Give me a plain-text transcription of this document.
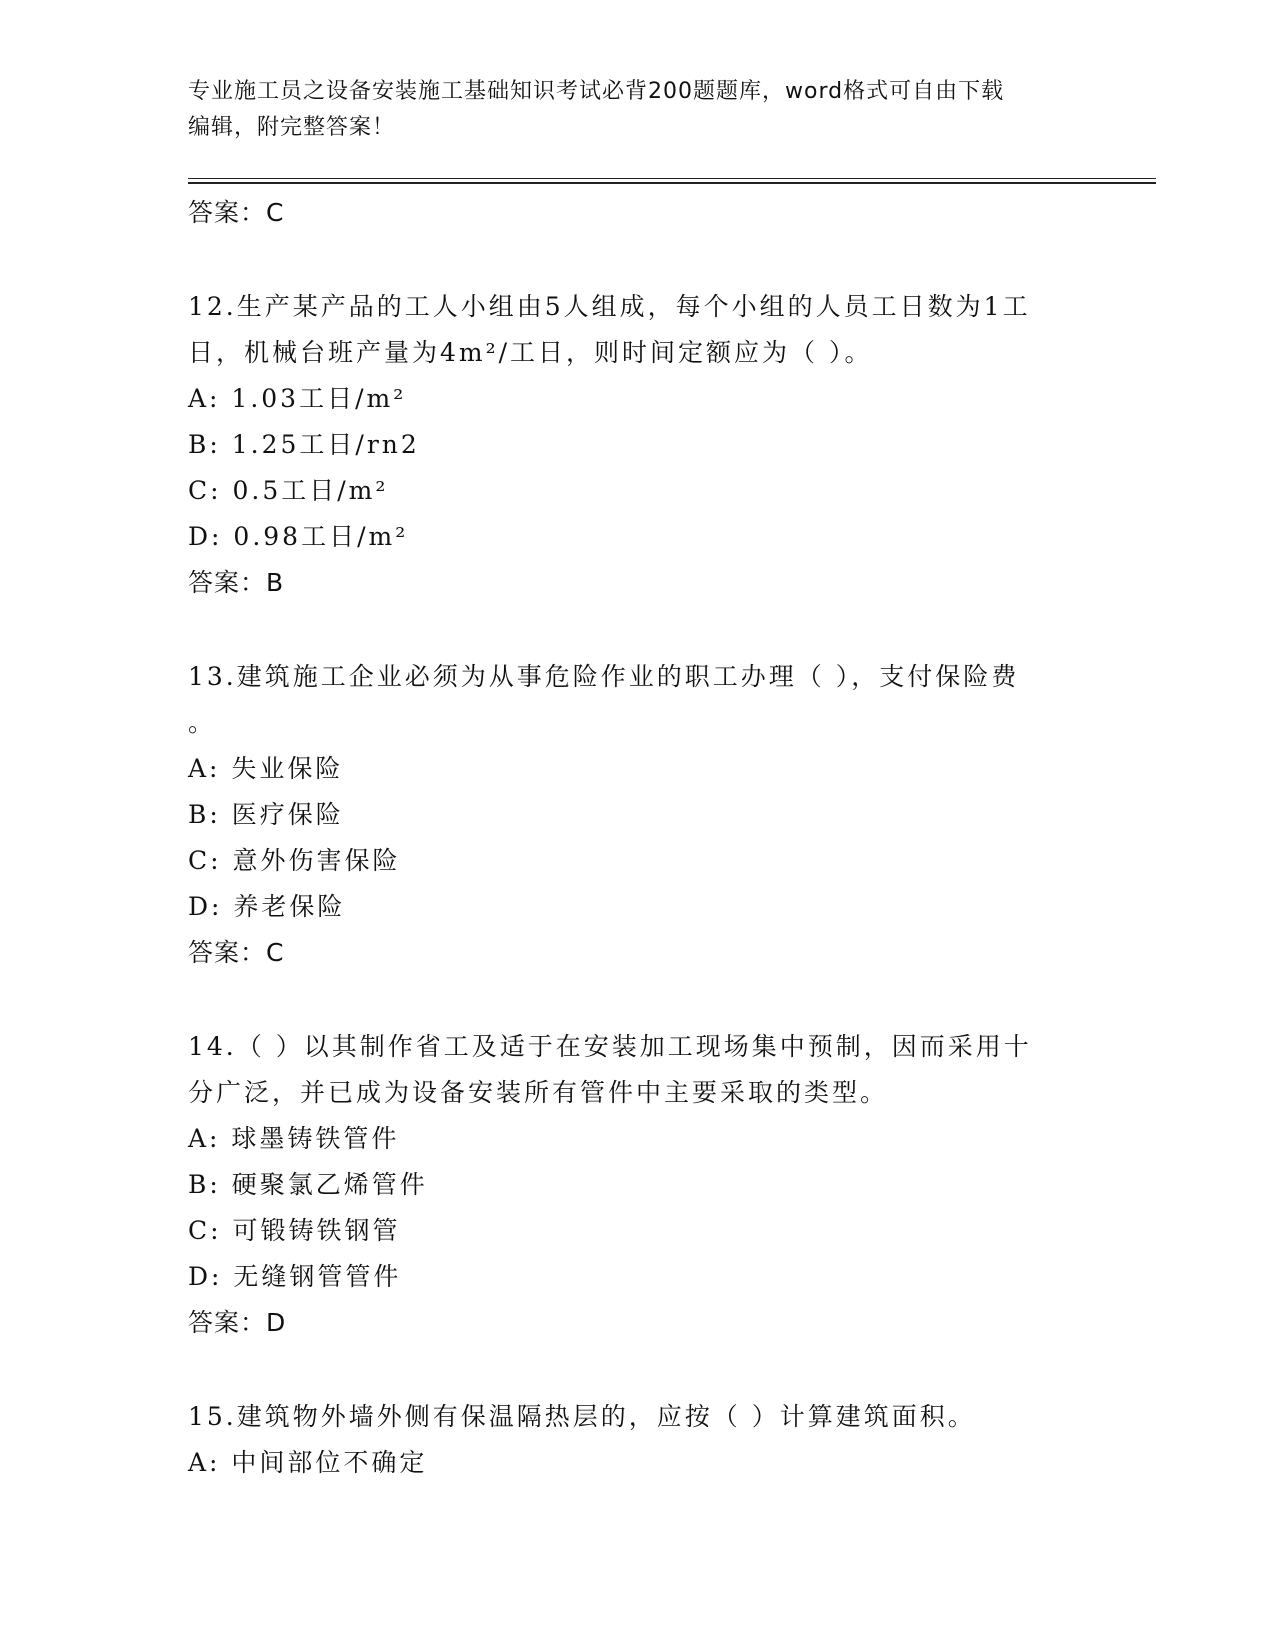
专业施工员之设备安装施工基础知识考试必背200题题库，word格式可自由下载
编辑，附完整答案！
答案：C
12.生产某产品的工人小组由5人组成，每个小组的人员工日数为1工
日，机械台班产量为4m²/工日，则时间定额应为（ ）。
A: 1.03工日/m²
B: 1.25工日/rn2
C: 0.5工日/m²
D: 0.98工日/m²
答案：B
13.建筑施工企业必须为从事危险作业的职工办理（ ），支付保险费
。
A: 失业保险
B: 医疗保险
C: 意外伤害保险
D: 养老保险
答案：C
14.（ ）以其制作省工及适于在安装加工现场集中预制，因而采用十
分广泛，并已成为设备安装所有管件中主要采取的类型。
A: 球墨铸铁管件
B: 硬聚氯乙烯管件
C: 可锻铸铁钢管
D: 无缝钢管管件
答案：D
15.建筑物外墙外侧有保温隔热层的，应按（ ）计算建筑面积。
A: 中间部位不确定
